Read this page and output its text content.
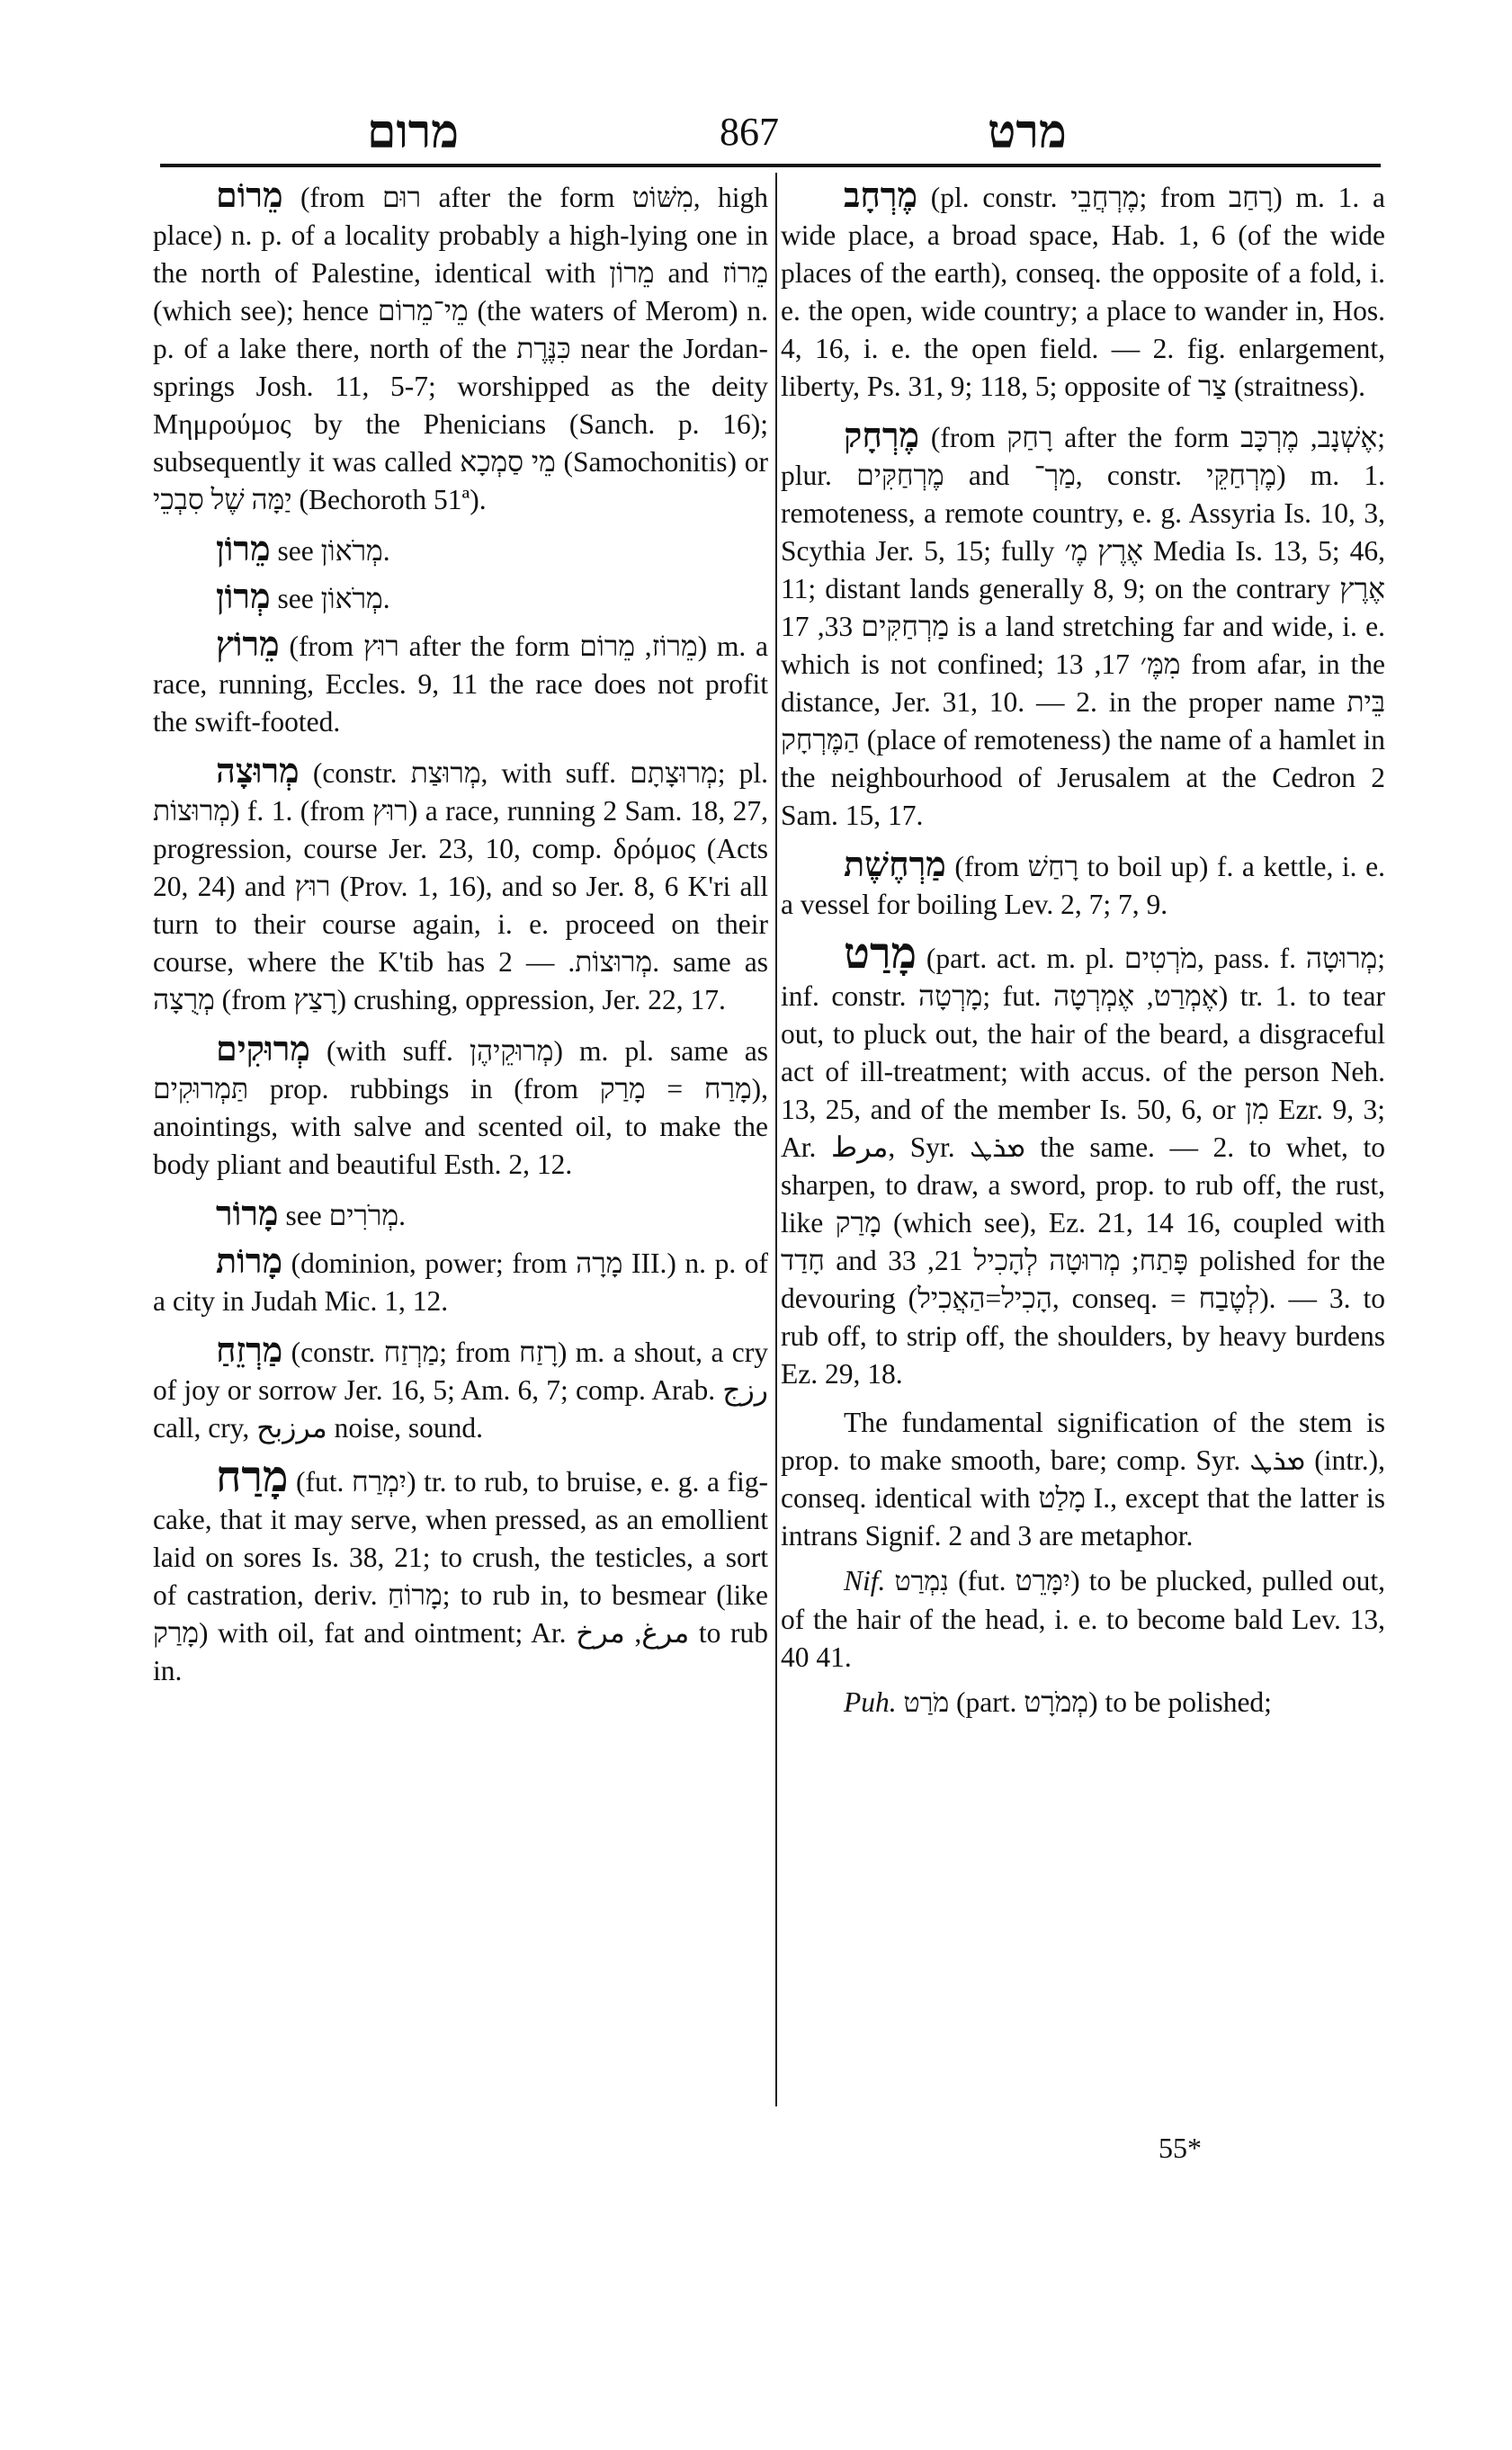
מרום	867	מרט

מֵרוֹם (from רוּם after the form מִשּׁוֹט, high place) n. p. of a locality probably a high-lying one in the north of Palestine, identical with מֵרוֹן and מֵרוֹז (which see); hence מֵי־מֵרוֹם (the waters of Merom) n. p. of a lake there, north of the כִּנֶּרֶת near the Jordan-springs Josh. 11, 5-7; worshipped as the deity Μημρούμος by the Phenicians (Sanch. p. 16); subsequently it was called מֵי סַמְכָא (Samochonitis) or יַמָּה שֶׁל סִבְכֵי (Bechoroth 51ª).

מֵרוֹן see מְרֹאוֹן.

מְרוֹן see מְרֹאוֹן.

מֵרוֹץ (from רוּץ after the form מֵרוֹז, מֵרוֹם) m. a race, running, Eccles. 9, 11 the race does not profit the swift-footed.

מְרוּצָה (constr. מְרוּצַת, with suff. מְרוּצָתָם; pl. מְרוּצוֹת) f. 1. (from רוּץ) a race, running 2 Sam. 18, 27, progression, course Jer. 23, 10, comp. δρόμος (Acts 20, 24) and רוּץ (Prov. 1, 16), and so Jer. 8, 6 K'ri all turn to their course again, i. e. proceed on their course, where the K'tib has מְרוּצוֹת. — 2. same as מְרֻצָה (from רָצַץ) crushing, oppression, Jer. 22, 17.

מְרוּקִים (with suff. מְרוּקֵיהֶן) m. pl. same as תַּמְרוּקִים prop. rubbings in (from מָרַח = מָרַק), anointings, with salve and scented oil, to make the body pliant and beautiful Esth. 2, 12.

מָרוֹר see מְרֹרִים.

מָרוֹת (dominion, power; from מָרָה III.) n. p. of a city in Judah Mic. 1, 12.

מַרְזֵחַ (constr. מַרְזַח; from רָזַח) m. a shout, a cry of joy or sorrow Jer. 16, 5; Am. 6, 7; comp. Arab. رزج call, cry, مرزبح noise, sound.

מָרַח (fut. יִמְרַח) tr. to rub, to bruise, e. g. a fig-cake, that it may serve, when pressed, as an emollient laid on sores Is. 38, 21; to crush, the testicles, a sort of castration, deriv. מָרוֹחַ; to rub in, to besmear (like מָרַק) with oil, fat and ointment; Ar. مرغ, مرخ to rub in.

מֶרְחָב (pl. constr. מֶרְחֲבֵי; from רָחַב) m. 1. a wide place, a broad space, Hab. 1, 6 (of the wide places of the earth), conseq. the opposite of a fold, i. e. the open, wide country; a place to wander in, Hos. 4, 16, i. e. the open field. — 2. fig. enlargement, liberty, Ps. 31, 9; 118, 5; opposite of צַר (straitness).

מֶרְחָק (from רָחַק after the form אֶשְׁנָב, מֶרְכָּב; plur. מֶרְחַקִּים and מַרְ־, constr. מֶרְחַקֵּי) m. 1. remoteness, a remote country, e. g. Assyria Is. 10, 3, Scythia Jer. 5, 15; fully אֶרֶץ מֶ׳ Media Is. 13, 5; 46, 11; distant lands generally 8, 9; on the contrary אֶרֶץ מַרְחַקִּים 33, 17 is a land stretching far and wide, i. e. which is not confined; מִמֶּ׳ 17, 13 from afar, in the distance, Jer. 31, 10. — 2. in the proper name בֵּית הַמֶּרְחָק (place of remoteness) the name of a hamlet in the neighbourhood of Jerusalem at the Cedron 2 Sam. 15, 17.

מַרְחֶשֶׁת (from רָחַשׁ to boil up) f. a kettle, i. e. a vessel for boiling Lev. 2, 7; 7, 9.

מָרַט (part. act. m. pl. מֹרְטִים, pass. f. מְרוּטָה; inf. constr. מָרְטָה; fut. אֶמְרַט, אֶמְרְטָה) tr. 1. to tear out, to pluck out, the hair of the beard, a disgraceful act of ill-treatment; with accus. of the person Neh. 13, 25, and of the member Is. 50, 6, or מִן Ezr. 9, 3; Ar. مرط, Syr. ܡܪܛ the same. — 2. to whet, to sharpen, to draw, a sword, prop. to rub off, the rust, like מָרַק (which see), Ez. 21, 14 16, coupled with חָדַד and פָּתַח; מְרוּטָה לְהָכִיל 21, 33 polished for the devouring (הָכִיל=הַאֲכִיל, conseq. = לְטֶבַח). — 3. to rub off, to strip off, the shoulders, by heavy burdens Ez. 29, 18.

The fundamental signification of the stem is prop. to make smooth, bare; comp. Syr. ܡܪܛ (intr.), conseq. identical with מָלַט I., except that the latter is intrans Signif. 2 and 3 are metaphor.

Nif. נִמְרַט (fut. יִמָּרֵט) to be plucked, pulled out, of the hair of the head, i. e. to become bald Lev. 13, 40 41.

Puh. מֹרַט (part. מְמֹרָט) to be polished;

55*
